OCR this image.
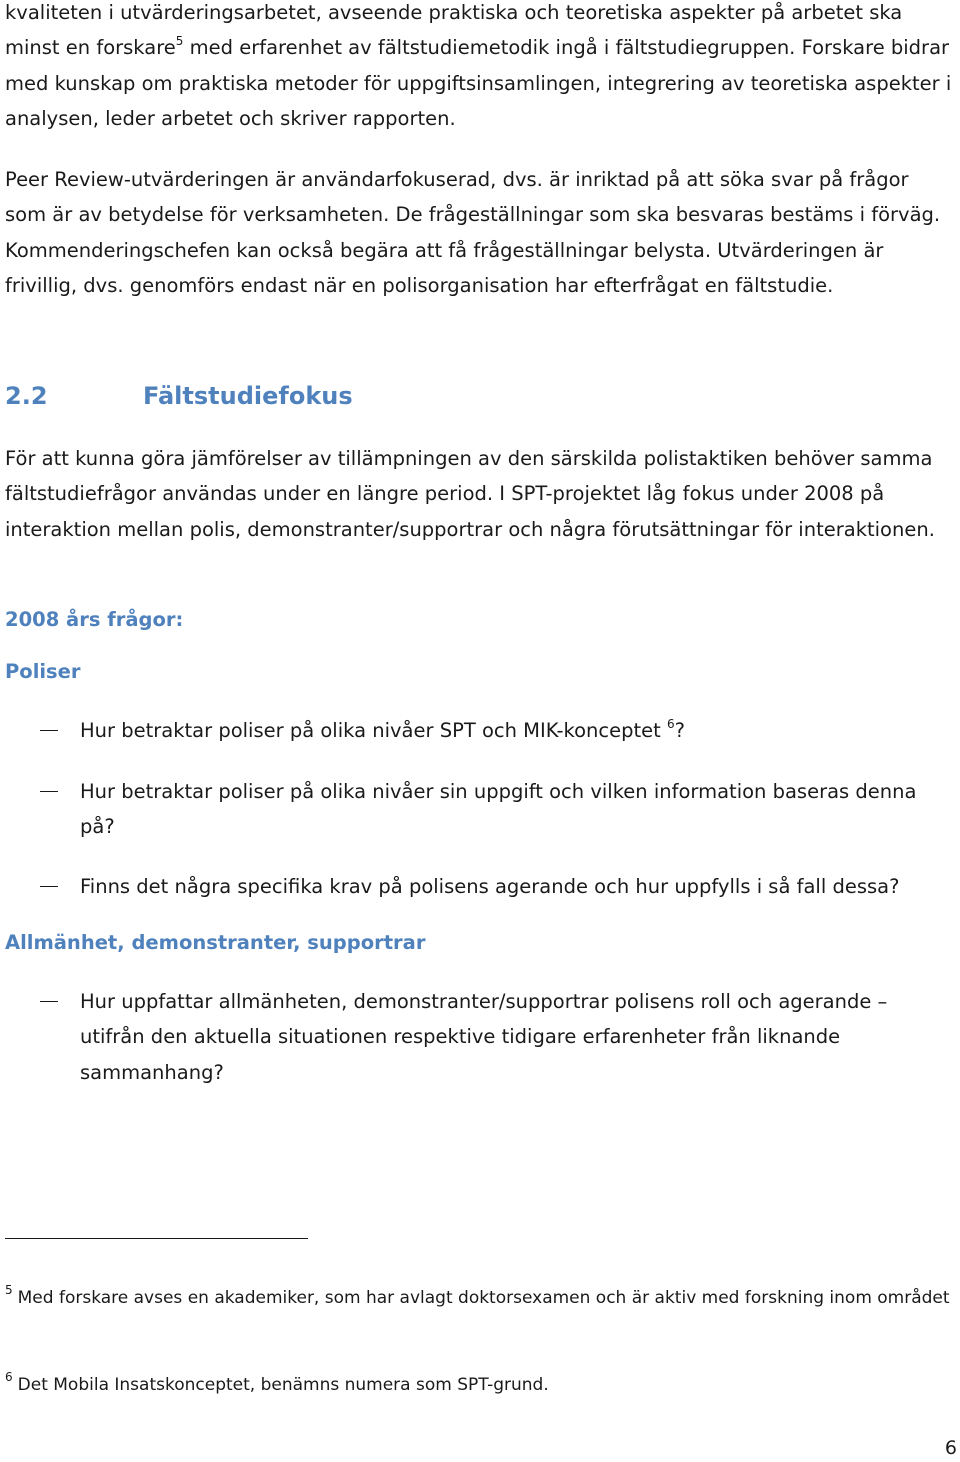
kvaliteten i utvärderingsarbetet, avseende praktiska och teoretiska aspekter på arbetet ska minst en forskare$^5$ med erfarenhet av fältstudiemetodik ingå i fältstudiegruppen. Forskare bidrar med kunskap om praktiska metoder för uppgiftsinsamlingen, integrering av teoretiska aspekter i analysen, leder arbetet och skriver rapporten.

Peer Review-utvärderingen är användarfokuserad, dvs. är inriktad på att söka svar på frågor som är av betydelse för verksamheten. De frågeställningar som ska besvaras bestäms i förväg. Kommenderingschefen kan också begära att få frågeställningar belysta. Utvärderingen är frivillig, dvs. genomförs endast när en polisorganisation har efterfrågat en fältstudie.

2.2	Fältstudiefokus

För att kunna göra jämförelser av tillämpningen av den särskilda polistaktiken behöver samma fältstudiefrågor användas under en längre period. I SPT-projektet låg fokus under 2008 på interaktion mellan polis, demonstranter/supportrar och några förutsättningar för interaktionen.

2008 års frågor:

Poliser

Hur betraktar poliser på olika nivåer SPT och MIK-konceptet $^6$?

Hur betraktar poliser på olika nivåer sin uppgift och vilken information baseras denna på?

Finns det några specifika krav på polisens agerande och hur uppfylls i så fall dessa?

Allmänhet, demonstranter, supportrar

Hur uppfattar allmänheten, demonstranter/supportrar polisens roll och agerande – utifrån den aktuella situationen respektive tidigare erfarenheter från liknande sammanhang?

$^5$ Med forskare avses en akademiker, som har avlagt doktorsexamen och är aktiv med forskning inom området

$^6$ Det Mobila Insatskonceptet, benämns numera som SPT-grund.

6
